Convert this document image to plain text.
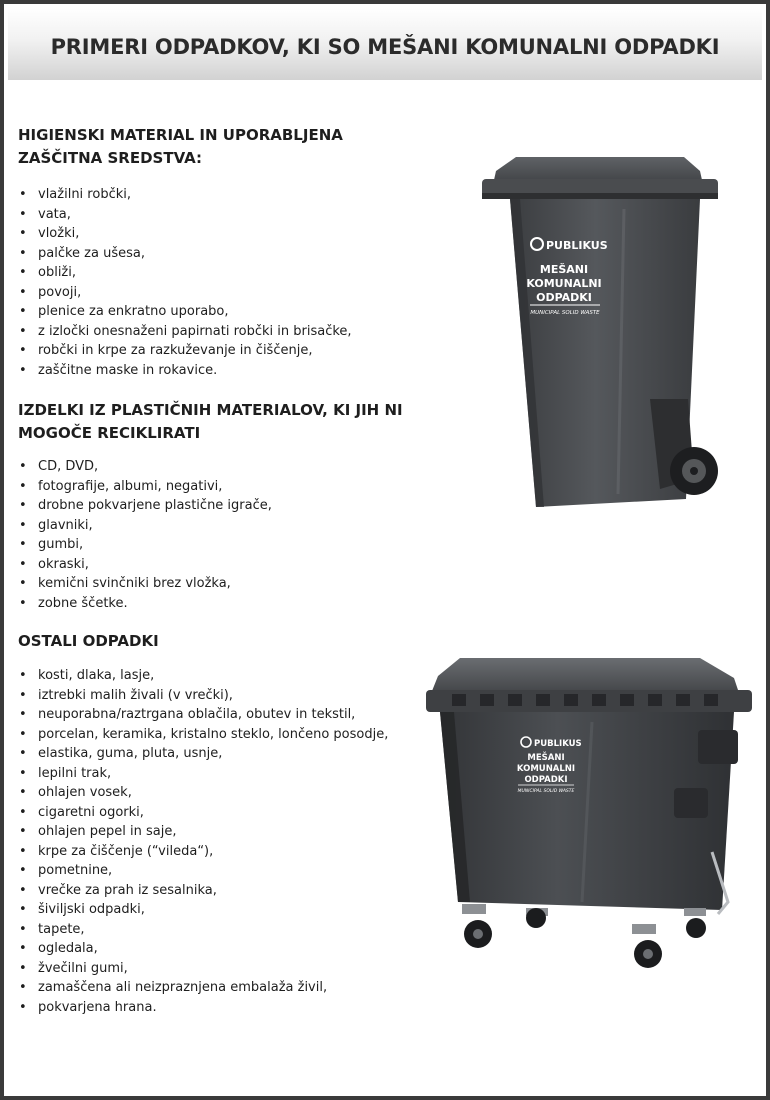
PRIMERI ODPADKOV, KI SO MEŠANI KOMUNALNI ODPADKI
HIGIENSKI MATERIAL IN UPORABLJENA ZAŠČITNA SREDSTVA:
• vlažilni robčki,
• vata,
• vložki,
• palčke za ušesa,
• obliži,
• povoji,
• plenice za enkratno uporabo,
• z izločki onesnaženi papirnati robčki in brisačke,
• robčki in krpe za razkuževanje in čiščenje,
• zaščitne maske in rokavice.
IZDELKI IZ PLASTIČNIH MATERIALOV, KI JIH NI MOGOČE RECIKLIRATI
• CD, DVD,
• fotografije, albumi, negativi,
• drobne pokvarjene plastične igrače,
• glavniki,
• gumbi,
• okraski,
• kemični svinčniki brez vložka,
• zobne ščetke.
OSTALI ODPADKI
• kosti, dlaka, lasje,
• iztrebki malih živali (v vrečki),
• neuporabna/raztrgana oblačila, obutev in tekstil,
• porcelan, keramika, kristalno steklo, lončeno posodje,
• elastika, guma, pluta, usnje,
• lepilni trak,
• ohlajen vosek,
• cigaretni ogorki,
• ohlajen pepel in saje,
• krpe za čiščenje (“vileda“),
• pometnine,
• vrečke za prah iz sesalnika,
• šiviljski odpadki,
• tapete,
• ogledala,
• žvečilni gumi,
• zamaščena ali neizpraznjena embalaža živil,
• pokvarjena hrana.
PUBLIKUS
MEŠANI
KOMUNALNI
ODPADKI
MUNICIPAL SOLID WASTE
PUBLIKUS
MEŠANI
KOMUNALNI
ODPADKI
MUNICIPAL SOLID WASTE
